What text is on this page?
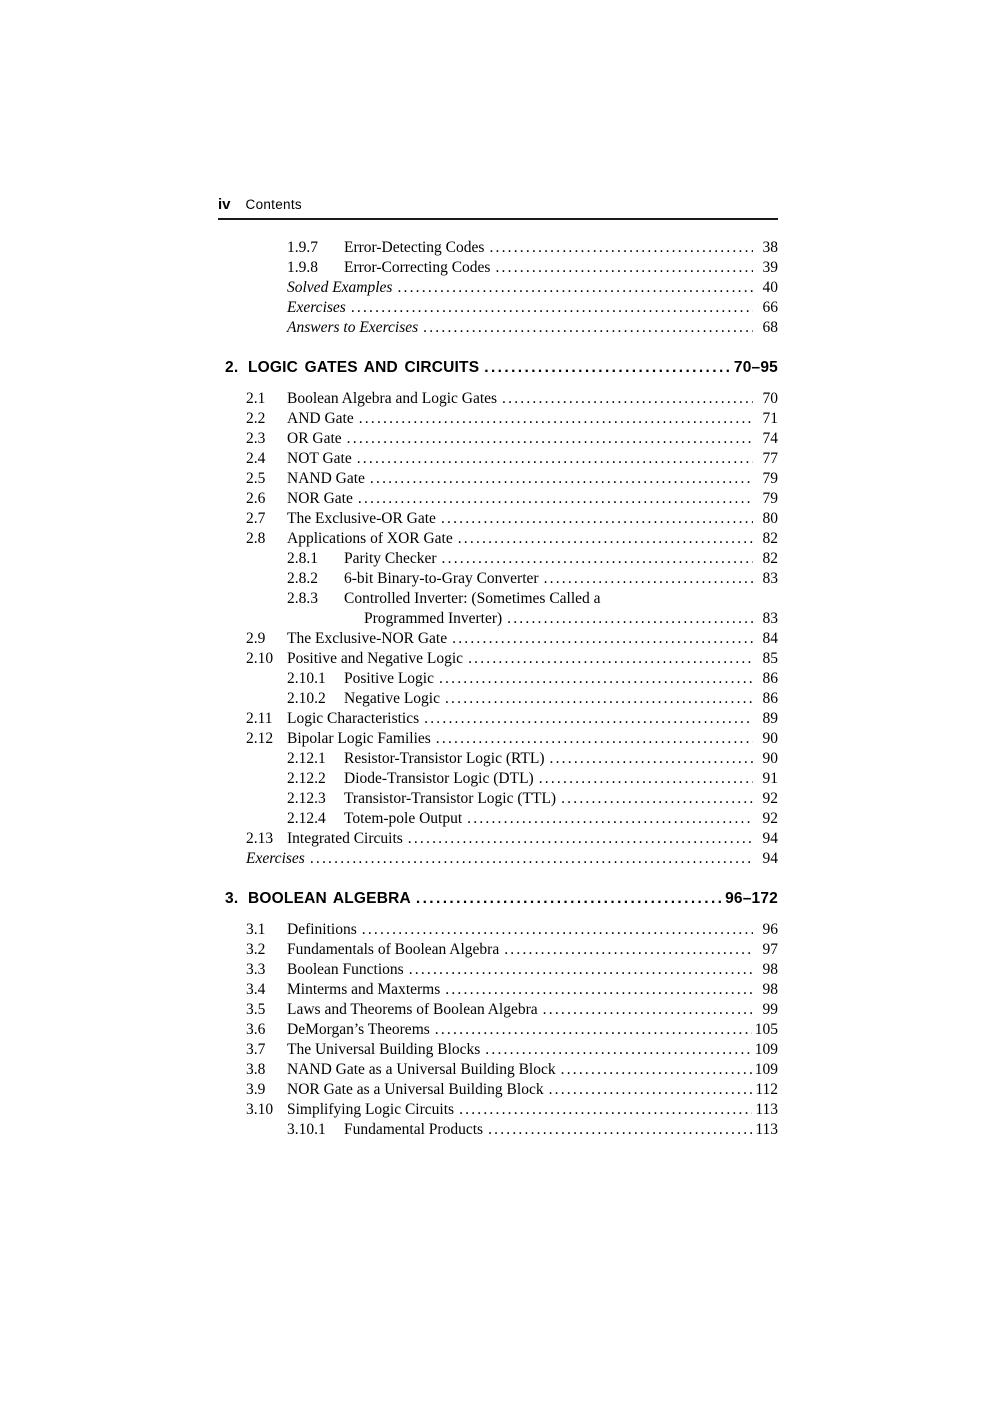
iv Contents
1.9.7	Error-Detecting Codes .....	38
1.9.8	Error-Correcting Codes .....	39
Solved Examples .....	40
Exercises .....	66
Answers to Exercises .....	68
2. LOGIC GATES AND CIRCUITS .....	70–95
2.1	Boolean Algebra and Logic Gates .....	70
2.2	AND Gate .....	71
2.3	OR Gate .....	74
2.4	NOT Gate .....	77
2.5	NAND Gate .....	79
2.6	NOR Gate .....	79
2.7	The Exclusive-OR Gate .....	80
2.8	Applications of XOR Gate .....	82
2.8.1	Parity Checker .....	82
2.8.2	6-bit Binary-to-Gray Converter .....	83
2.8.3	Controlled Inverter: (Sometimes Called a
Programmed Inverter) .....	83
2.9	The Exclusive-NOR Gate .....	84
2.10 Positive and Negative Logic .....	85
2.10.1	Positive Logic .....	86
2.10.2	Negative Logic .....	86
2.11 Logic Characteristics .....	89
2.12 Bipolar Logic Families .....	90
2.12.1	Resistor-Transistor Logic (RTL) .....	90
2.12.2	Diode-Transistor Logic (DTL) .....	91
2.12.3	Transistor-Transistor Logic (TTL) .....	92
2.12.4	Totem-pole Output .....	92
2.13 Integrated Circuits .....	94
Exercises .....	94
3. BOOLEAN ALGEBRA .....	96–172
3.1	Definitions .....	96
3.2	Fundamentals of Boolean Algebra .....	97
3.3	Boolean Functions .....	98
3.4	Minterms and Maxterms .....	98
3.5	Laws and Theorems of Boolean Algebra .....	99
3.6	DeMorgan’s Theorems .....	105
3.7	The Universal Building Blocks .....	109
3.8	NAND Gate as a Universal Building Block .....	109
3.9	NOR Gate as a Universal Building Block .....	112
3.10 Simplifying Logic Circuits .....	113
3.10.1	Fundamental Products .....	113
